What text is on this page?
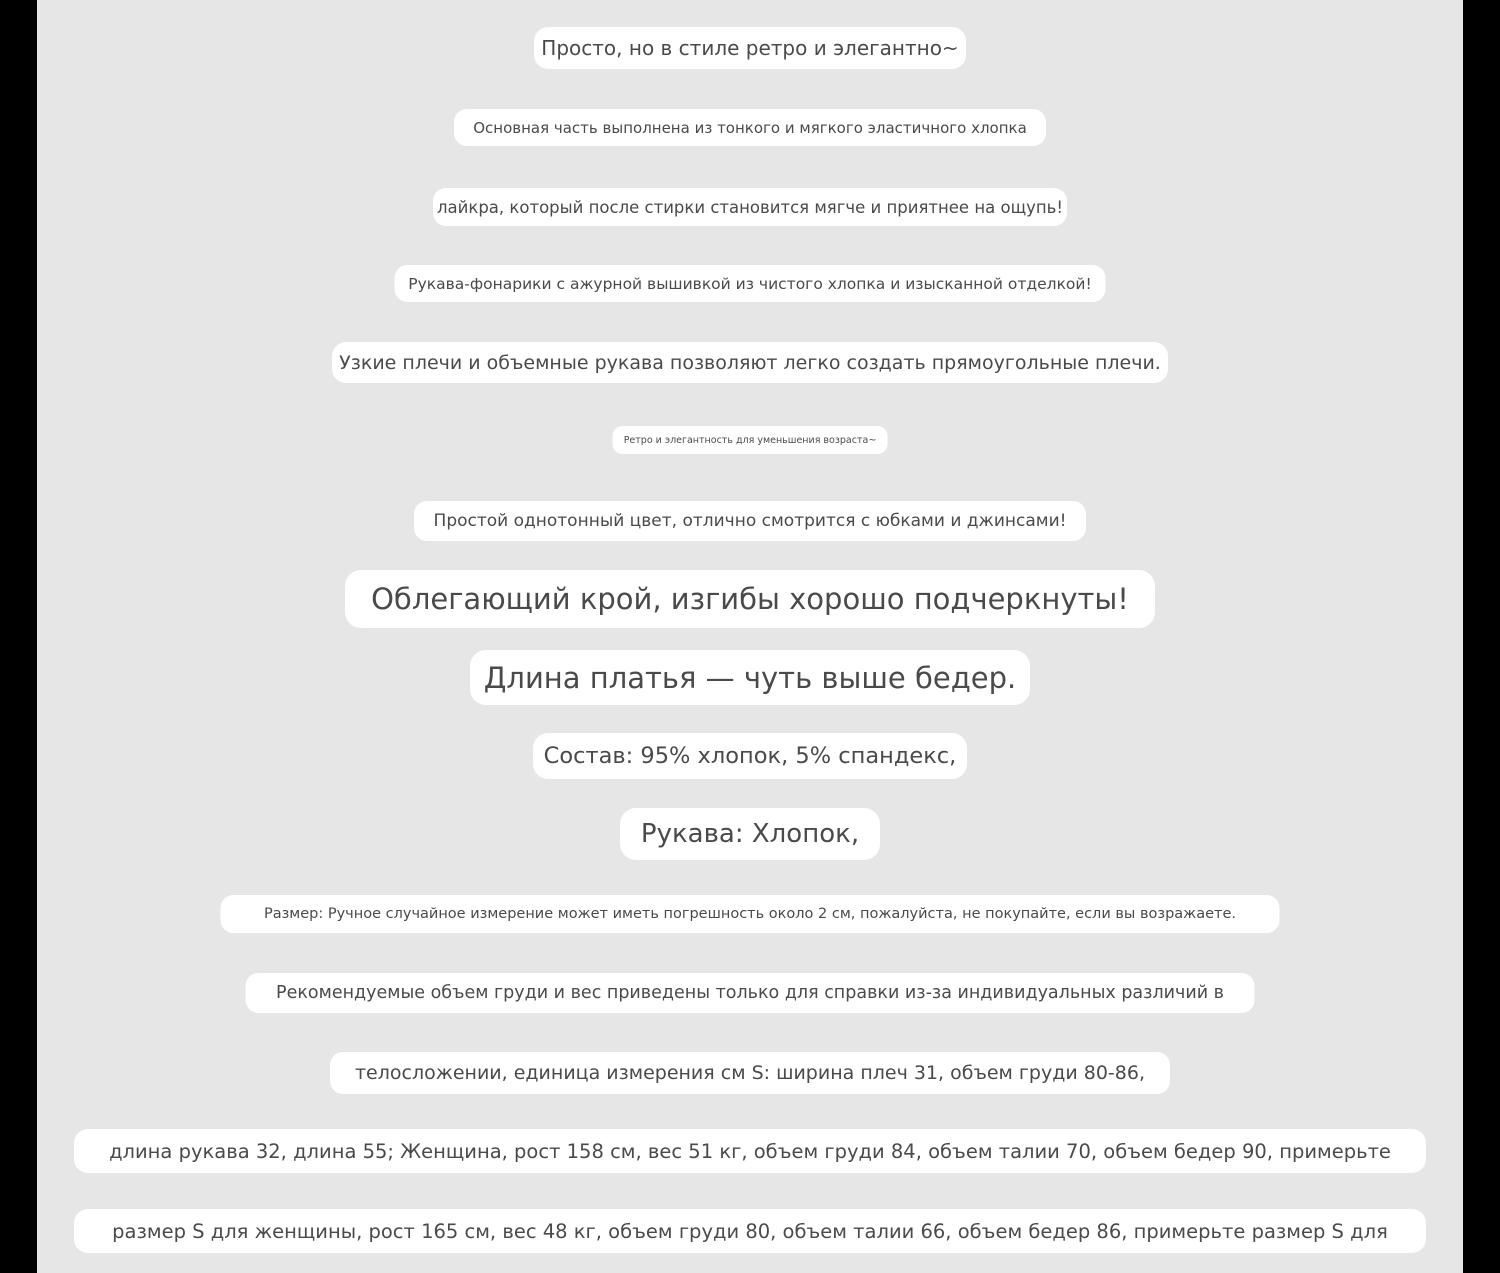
Просто, но в стиле ретро и элегантно~
Основная часть выполнена из тонкого и мягкого эластичного хлопка
лайкра, который после стирки становится мягче и приятнее на ощупь!
Рукава-фонарики с ажурной вышивкой из чистого хлопка и изысканной отделкой!
Узкие плечи и объемные рукава позволяют легко создать прямоугольные плечи.
Ретро и элегантность для уменьшения возраста~
Простой однотонный цвет, отлично смотрится с юбками и джинсами!
Облегающий крой, изгибы хорошо подчеркнуты!
Длина платья — чуть выше бедер.
Состав: 95% хлопок, 5% спандекс,
Рукава: Хлопок,
Размер: Ручное случайное измерение может иметь погрешность около 2 см, пожалуйста, не покупайте, если вы возражаете.
Рекомендуемые объем груди и вес приведены только для справки из-за индивидуальных различий в
телосложении, единица измерения см S: ширина плеч 31, объем груди 80-86,
длина рукава 32, длина 55; Женщина, рост 158 см, вес 51 кг, объем груди 84, объем талии 70, объем бедер 90, примерьте
размер S для женщины, рост 165 см, вес 48 кг, объем груди 80, объем талии 66, объем бедер 86, примерьте размер S для
